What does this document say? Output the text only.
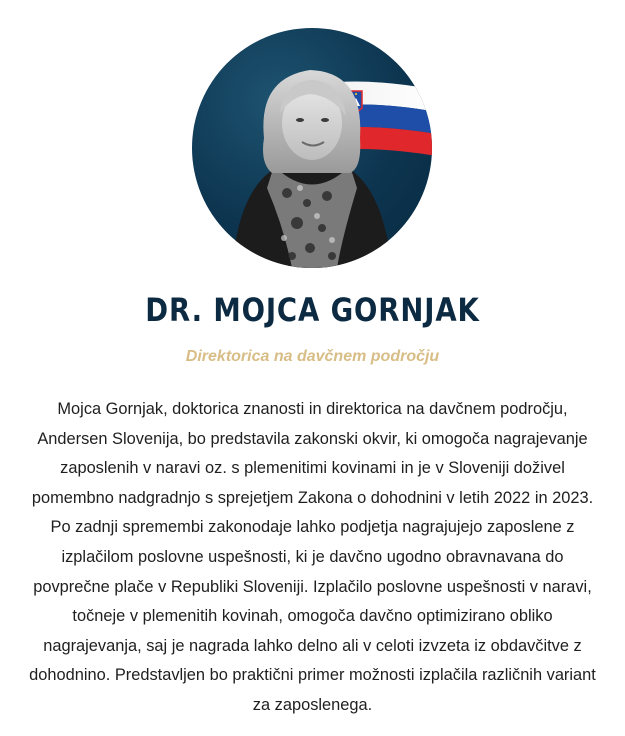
DR. MOJCA GORNJAK
Direktorica na davčnem področju

Mojca Gornjak, doktorica znanosti in direktorica na davčnem področju, Andersen Slovenija, bo predstavila zakonski okvir, ki omogoča nagrajevanje zaposlenih v naravi oz. s plemenitimi kovinami in je v Sloveniji doživel pomembno nadgradnjo s sprejetjem Zakona o dohodnini v letih 2022 in 2023. Po zadnji spremembi zakonodaje lahko podjetja nagrajujejo zaposlene z izplačilom poslovne uspešnosti, ki je davčno ugodno obravnavana do povprečne plače v Republiki Sloveniji. Izplačilo poslovne uspešnosti v naravi, točneje v plemenitih kovinah, omogoča davčno optimizirano obliko nagrajevanja, saj je nagrada lahko delno ali v celoti izvzeta iz obdavčitve z dohodnino. Predstavljen bo praktični primer možnosti izplačila različnih variant za zaposlenega.
